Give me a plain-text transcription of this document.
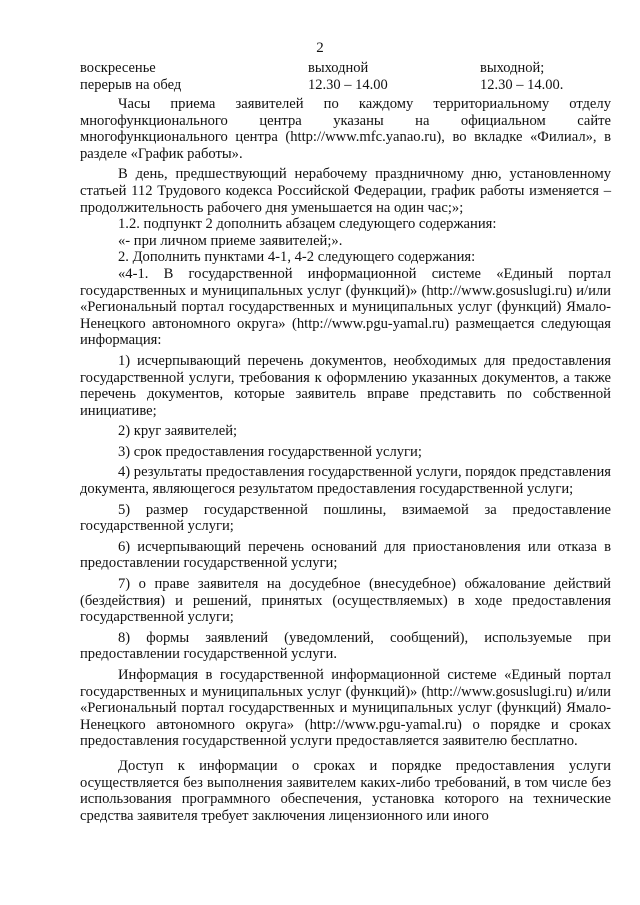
2
воскресенье	выходной	выходной;
перерыв на обед	12.30 – 14.00	12.30 – 14.00.

Часы приема заявителей по каждому территориальному отделу многофункционального центра указаны на официальном сайте многофункционального центра (http://www.mfc.yanao.ru), во вкладке «Филиал», в разделе «График работы».

В день, предшествующий нерабочему праздничному дню, установленному статьей 112 Трудового кодекса Российской Федерации, график работы изменяется – продолжительность рабочего дня уменьшается на один час;»;

1.2. подпункт 2 дополнить абзацем следующего содержания:

«- при личном приеме заявителей;».

2. Дополнить пунктами 4-1, 4-2 следующего содержания:

«4-1. В государственной информационной системе «Единый портал государственных и муниципальных услуг (функций)» (http://www.gosuslugi.ru) и/или «Региональный портал государственных и муниципальных услуг (функций) Ямало-Ненецкого автономного округа» (http://www.pgu-yamal.ru) размещается следующая информация:

1) исчерпывающий перечень документов, необходимых для предоставления государственной услуги, требования к оформлению указанных документов, а также перечень документов, которые заявитель вправе представить по собственной инициативе;

2) круг заявителей;

3) срок предоставления государственной услуги;

4) результаты предоставления государственной услуги, порядок представления документа, являющегося результатом предоставления государственной услуги;

5) размер государственной пошлины, взимаемой за предоставление государственной услуги;

6) исчерпывающий перечень оснований для приостановления или отказа в предоставлении государственной услуги;

7) о праве заявителя на досудебное (внесудебное) обжалование действий (бездействия) и решений, принятых (осуществляемых) в ходе предоставления государственной услуги;

8) формы заявлений (уведомлений, сообщений), используемые при предоставлении государственной услуги.

Информация в государственной информационной системе «Единый портал государственных и муниципальных услуг (функций)» (http://www.gosuslugi.ru) и/или «Региональный портал государственных и муниципальных услуг (функций) Ямало-Ненецкого автономного округа» (http://www.pgu-yamal.ru) о порядке и сроках предоставления государственной услуги предоставляется заявителю бесплатно.

Доступ к информации о сроках и порядке предоставления услуги осуществляется без выполнения заявителем каких-либо требований, в том числе без использования программного обеспечения, установка которого на технические средства заявителя требует заключения лицензионного или иного
